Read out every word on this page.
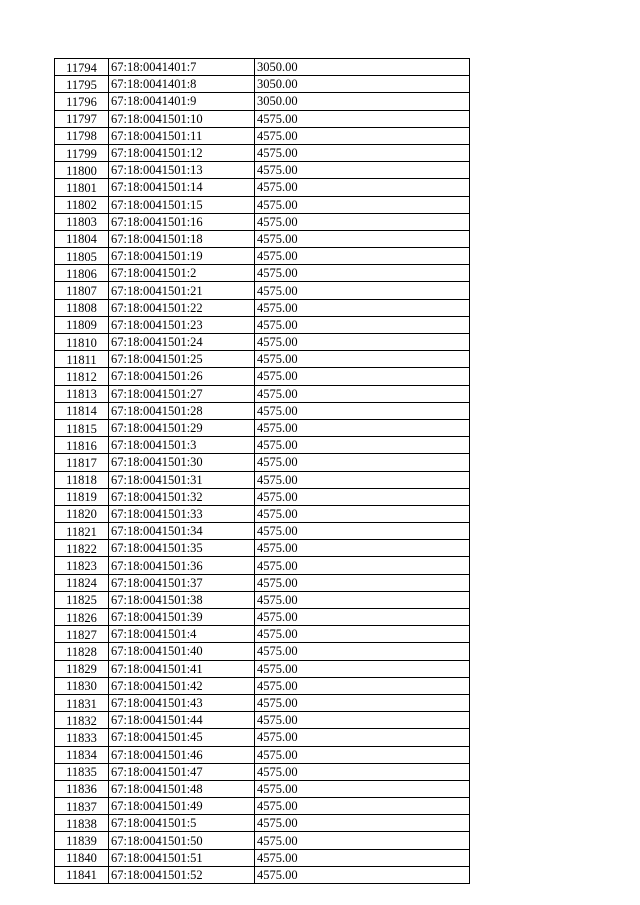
11794	67:18:0041401:7	3050.00
11795	67:18:0041401:8	3050.00
11796	67:18:0041401:9	3050.00
11797	67:18:0041501:10	4575.00
11798	67:18:0041501:11	4575.00
11799	67:18:0041501:12	4575.00
11800	67:18:0041501:13	4575.00
11801	67:18:0041501:14	4575.00
11802	67:18:0041501:15	4575.00
11803	67:18:0041501:16	4575.00
11804	67:18:0041501:18	4575.00
11805	67:18:0041501:19	4575.00
11806	67:18:0041501:2	4575.00
11807	67:18:0041501:21	4575.00
11808	67:18:0041501:22	4575.00
11809	67:18:0041501:23	4575.00
11810	67:18:0041501:24	4575.00
11811	67:18:0041501:25	4575.00
11812	67:18:0041501:26	4575.00
11813	67:18:0041501:27	4575.00
11814	67:18:0041501:28	4575.00
11815	67:18:0041501:29	4575.00
11816	67:18:0041501:3	4575.00
11817	67:18:0041501:30	4575.00
11818	67:18:0041501:31	4575.00
11819	67:18:0041501:32	4575.00
11820	67:18:0041501:33	4575.00
11821	67:18:0041501:34	4575.00
11822	67:18:0041501:35	4575.00
11823	67:18:0041501:36	4575.00
11824	67:18:0041501:37	4575.00
11825	67:18:0041501:38	4575.00
11826	67:18:0041501:39	4575.00
11827	67:18:0041501:4	4575.00
11828	67:18:0041501:40	4575.00
11829	67:18:0041501:41	4575.00
11830	67:18:0041501:42	4575.00
11831	67:18:0041501:43	4575.00
11832	67:18:0041501:44	4575.00
11833	67:18:0041501:45	4575.00
11834	67:18:0041501:46	4575.00
11835	67:18:0041501:47	4575.00
11836	67:18:0041501:48	4575.00
11837	67:18:0041501:49	4575.00
11838	67:18:0041501:5	4575.00
11839	67:18:0041501:50	4575.00
11840	67:18:0041501:51	4575.00
11841	67:18:0041501:52	4575.00
